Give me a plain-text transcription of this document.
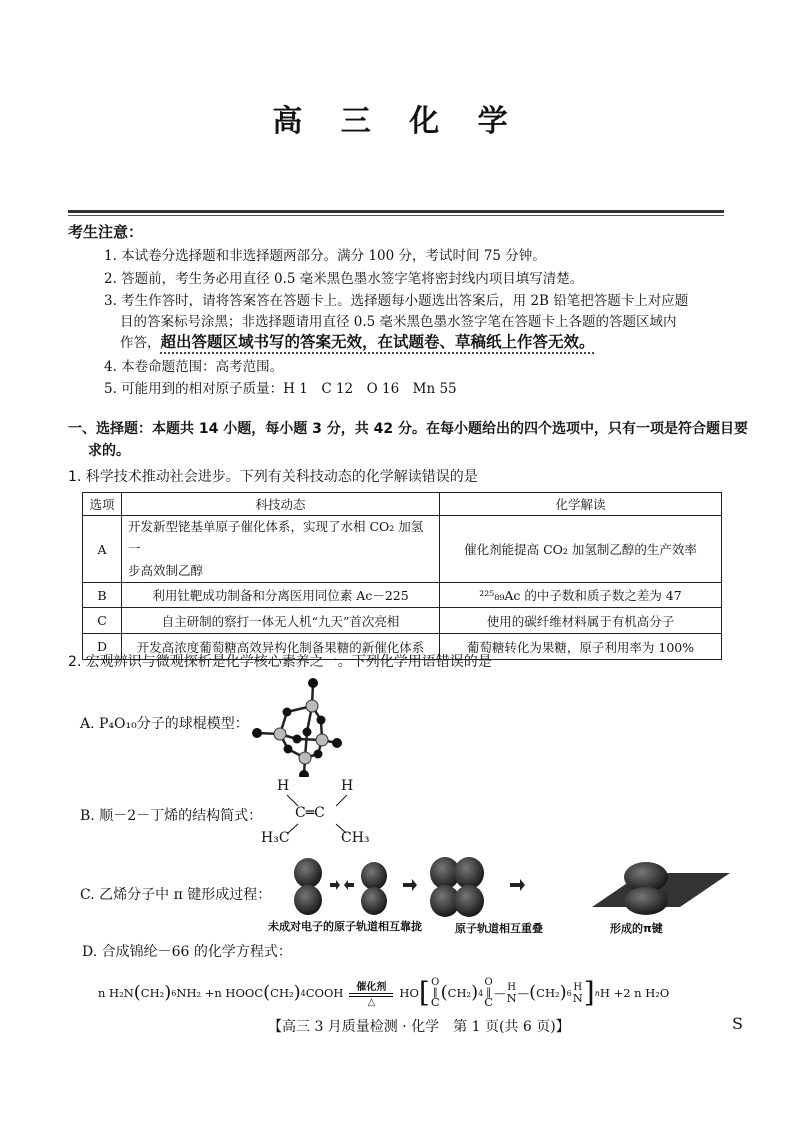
高 三 化 学
考生注意：
1. 本试卷分选择题和非选择题两部分。满分 100 分，考试时间 75 分钟。
2. 答题前，考生务必用直径 0.5 毫米黑色墨水签字笔将密封线内项目填写清楚。
3. 考生作答时，请将答案答在答题卡上。选择题每小题选出答案后，用 2B 铅笔把答题卡上对应题
目的答案标号涂黑；非选择题请用直径 0.5 毫米黑色墨水签字笔在答题卡上各题的答题区域内
作答，超出答题区域书写的答案无效，在试题卷、草稿纸上作答无效。
4. 本卷命题范围：高考范围。
5. 可能用到的相对原子质量：H 1　C 12　O 16　Mn 55
一、选择题：本题共 14 小题，每小题 3 分，共 42 分。在每小题给出的四个选项中，只有一项是符合题目要
求的。
1. 科学技术推动社会进步。下列有关科技动态的化学解读错误的是
选项	科技动态	化学解读
A	开发新型铑基单原子催化体系，实现了水相 CO₂ 加氢一
步高效制乙醇	催化剂能提高 CO₂ 加氢制乙醇的生产效率
B	利用钍靶成功制备和分离医用同位素 Ac－225	²²⁵₈₉Ac 的中子数和质子数之差为 47
C	自主研制的察打一体无人机“九天”首次亮相	使用的碳纤维材料属于有机高分子
D	开发高浓度葡萄糖高效异构化制备果糖的新催化体系	葡萄糖转化为果糖，原子利用率为 100%
2. 宏观辨识与微观探析是化学核心素养之一。下列化学用语错误的是
A. P₄O₁₀分子的球棍模型：
B. 顺－2－丁烯的结构简式：
H	H
C═C
H₃C	CH₃
C. 乙烯分子中 π 键形成过程：
未成对电子的原子轨道相互靠拢	原子轨道相互重叠	形成的π键
D. 合成锦纶－66 的化学方程式：
n H₂N ( CH₂ ) 6 NH₂ +n HOOC ( CH₂ ) 4 COOH 催化剂
△
HO [ O
‖
C ( CH₂ ) 4
O
‖
C
— H
N — ( CH₂ ) 6
H
N ] n H +2 n H₂O
【高三 3 月质量检测 · 化学　第 1 页(共 6 页)】	S
